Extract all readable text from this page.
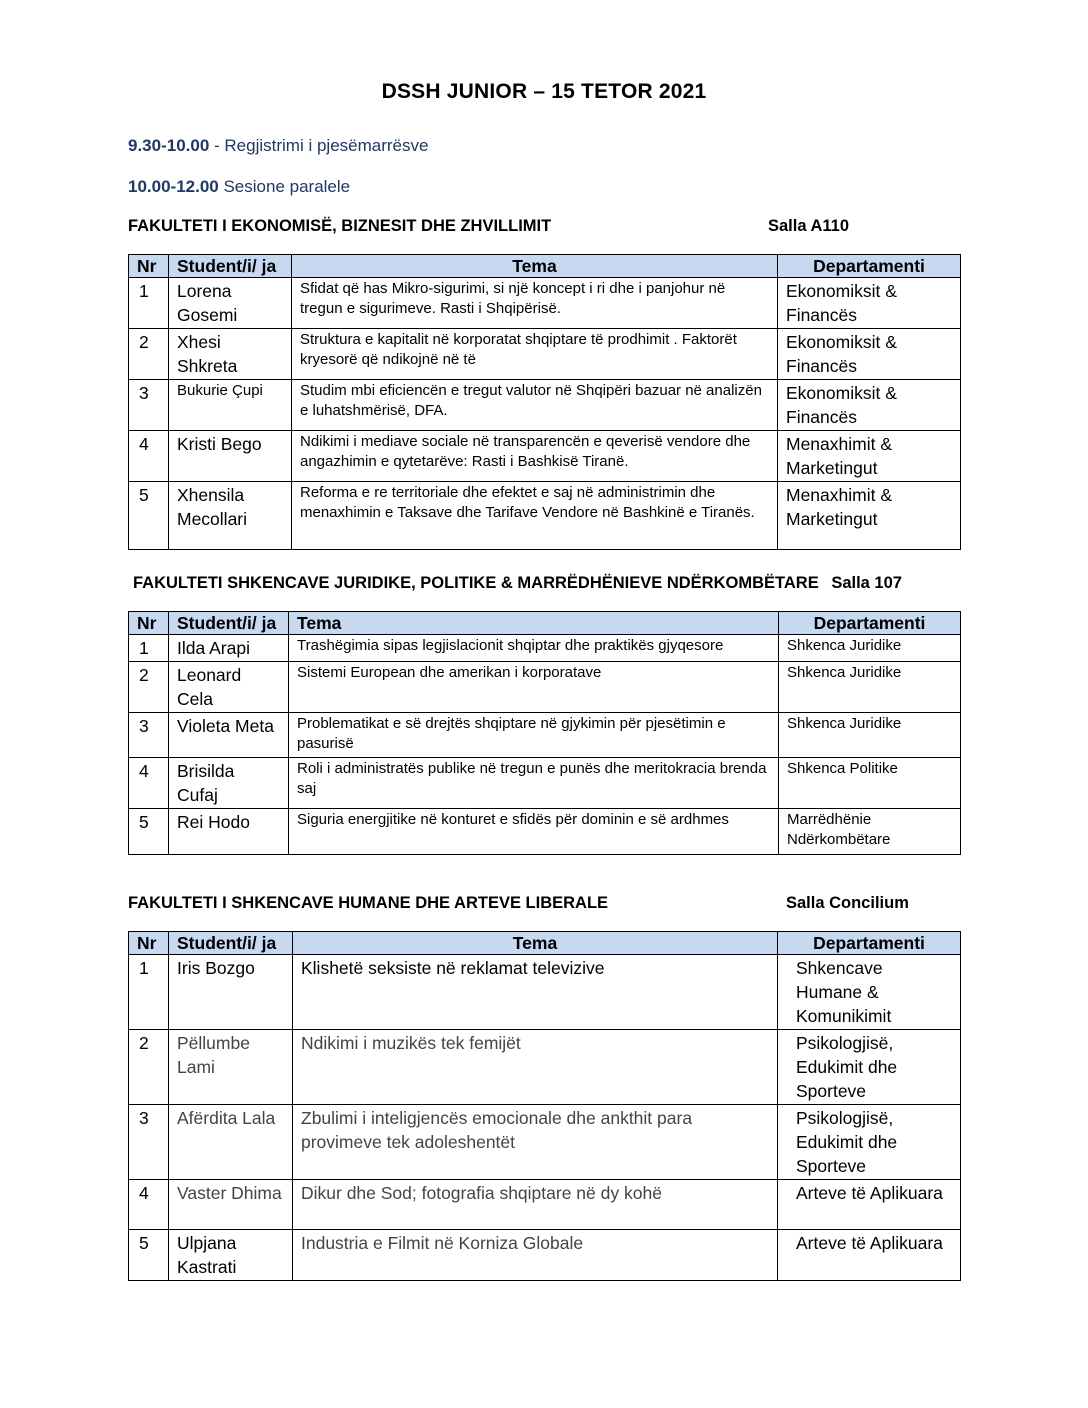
DSSH JUNIOR – 15 TETOR 2021
9.30-10.00 - Regjistrimi i pjesëmarrësve
10.00-12.00 Sesione paralele
FAKULTETI I EKONOMISË, BIZNESIT DHE ZHVILLIMIT	Salla A110
Nr	Student/i/ ja	Tema	Departamenti
1	Lorena Gosemi	Sfidat që has Mikro-sigurimi, si një koncept i ri dhe i panjohur në tregun e sigurimeve. Rasti i Shqipërisë.	Ekonomiksit & Financës
2	Xhesi Shkreta	Struktura e kapitalit në korporatat shqiptare të prodhimit . Faktorët kryesorë që ndikojnë në të	Ekonomiksit & Financës
3	Bukurie Çupi	Studim mbi eficiencën e tregut valutor në Shqipëri bazuar në analizën e luhatshmërisë, DFA.	Ekonomiksit & Financës
4	Kristi Bego	Ndikimi i mediave sociale në transparencën e qeverisë vendore dhe angazhimin e qytetarëve: Rasti i Bashkisë Tiranë.	Menaxhimit & Marketingut
5	Xhensila Mecollari	Reforma e re territoriale dhe efektet e saj në administrimin dhe menaxhimin e Taksave dhe Tarifave Vendore në Bashkinë e Tiranës.	Menaxhimit & Marketingut
FAKULTETI SHKENCAVE JURIDIKE, POLITIKE & MARRËDHËNIEVE NDËRKOMBËTARE Salla 107
Nr	Student/i/ ja	Tema	Departamenti
1	Ilda Arapi	Trashëgimia sipas legjislacionit shqiptar dhe praktikës gjyqesore	Shkenca Juridike
2	Leonard Cela	Sistemi European dhe amerikan i korporatave	Shkenca Juridike
3	Violeta Meta	Problematikat e së drejtës shqiptare në gjykimin për pjesëtimin e pasurisë	Shkenca Juridike
4	Brisilda Cufaj	Roli i administratës publike në tregun e punës dhe meritokracia brenda saj	Shkenca Politike
5	Rei Hodo	Siguria energjitike në konturet e sfidës për dominin e së ardhmes	Marrëdhënie Ndërkombëtare
FAKULTETI I SHKENCAVE HUMANE DHE ARTEVE LIBERALE	Salla Concilium
Nr	Student/i/ ja	Tema	Departamenti
1	Iris Bozgo	Klishetë seksiste në reklamat televizive	Shkencave Humane & Komunikimit
2	Pëllumbe Lami	Ndikimi i muzikës tek femijët	Psikologjisë, Edukimit dhe Sporteve
3	Afërdita Lala	Zbulimi i inteligjencës emocionale dhe ankthit para provimeve tek adoleshentët	Psikologjisë, Edukimit dhe Sporteve
4	Vaster Dhima	Dikur dhe Sod; fotografia shqiptare në dy kohë	Arteve të Aplikuara
5	Ulpjana Kastrati	Industria e Filmit në Korniza Globale	Arteve të Aplikuara
